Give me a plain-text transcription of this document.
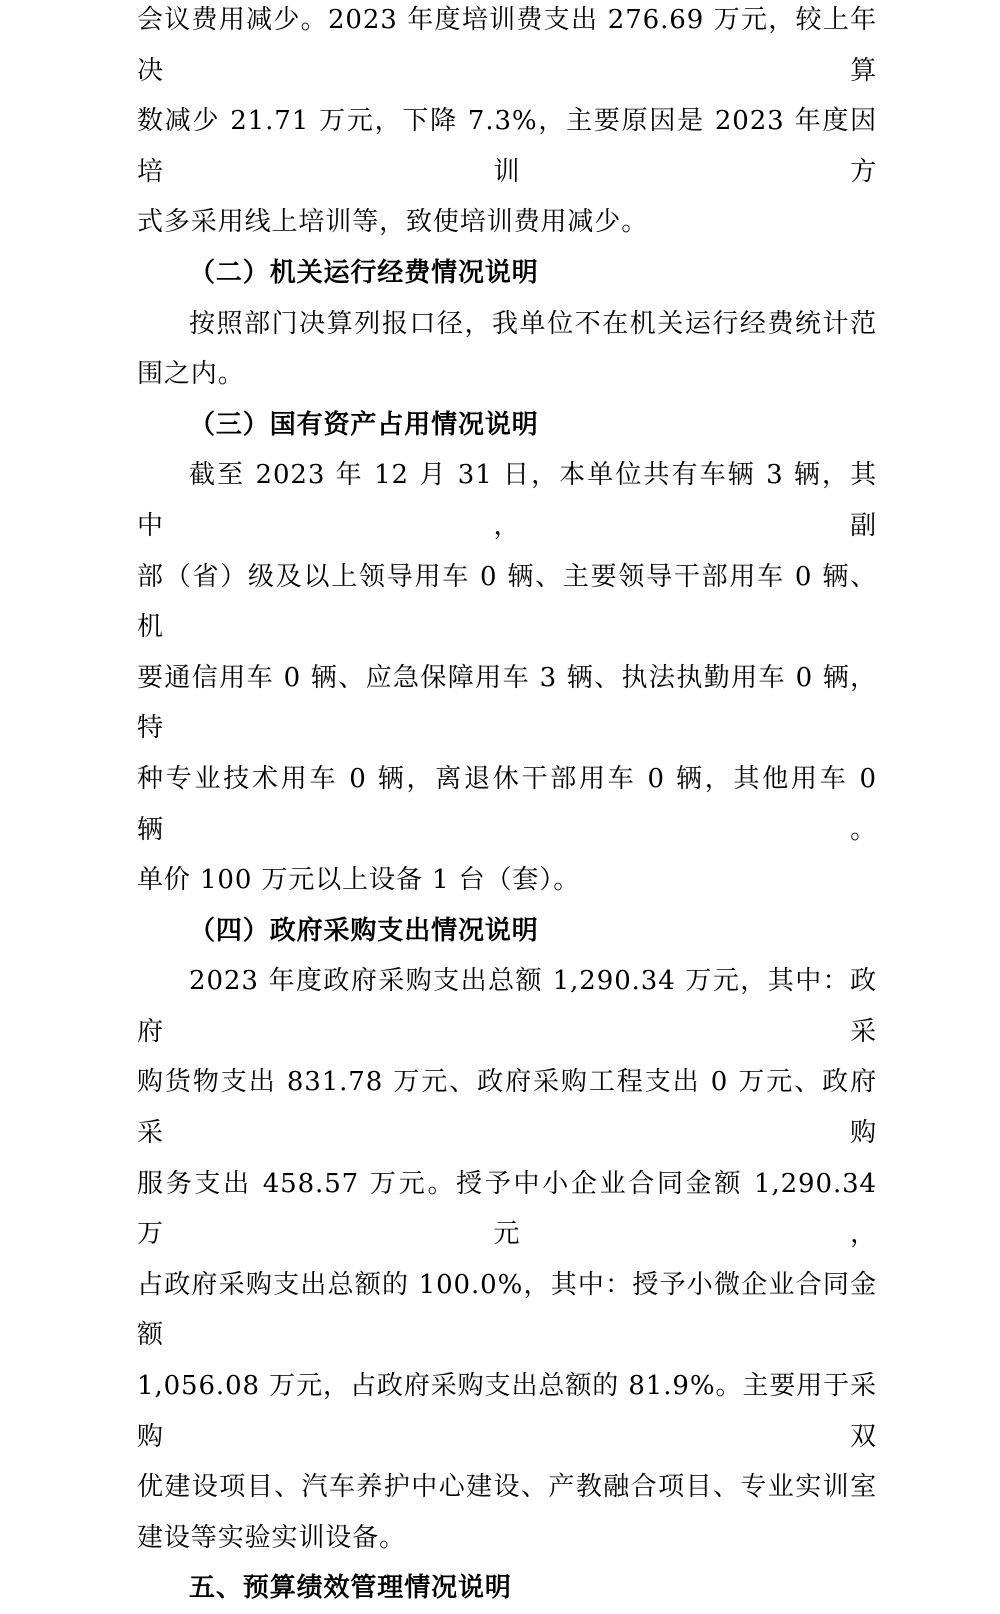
会议费用减少。2023 年度培训费支出 276.69 万元，较上年决算

数减少 21.71 万元，下降 7.3%，主要原因是 2023 年度因培训方

式多采用线上培训等，致使培训费用减少。

（二）机关运行经费情况说明

按照部门决算列报口径，我单位不在机关运行经费统计范

围之内。

（三）国有资产占用情况说明

截至 2023 年 12 月 31 日，本单位共有车辆 3 辆，其中，副

部（省）级及以上领导用车 0 辆、主要领导干部用车 0 辆、机

要通信用车 0 辆、应急保障用车 3 辆、执法执勤用车 0 辆，特

种专业技术用车 0 辆，离退休干部用车 0 辆，其他用车 0 辆。

单价 100 万元以上设备 1 台（套）。

（四）政府采购支出情况说明

2023 年度政府采购支出总额 1,290.34 万元，其中：政府采

购货物支出 831.78 万元、政府采购工程支出 0 万元、政府采购

服务支出 458.57 万元。授予中小企业合同金额 1,290.34 万元，

占政府采购支出总额的 100.0%，其中：授予小微企业合同金额

1,056.08 万元，占政府采购支出总额的 81.9%。主要用于采购双

优建设项目、汽车养护中心建设、产教融合项目、专业实训室

建设等实验实训设备。

五、预算绩效管理情况说明
